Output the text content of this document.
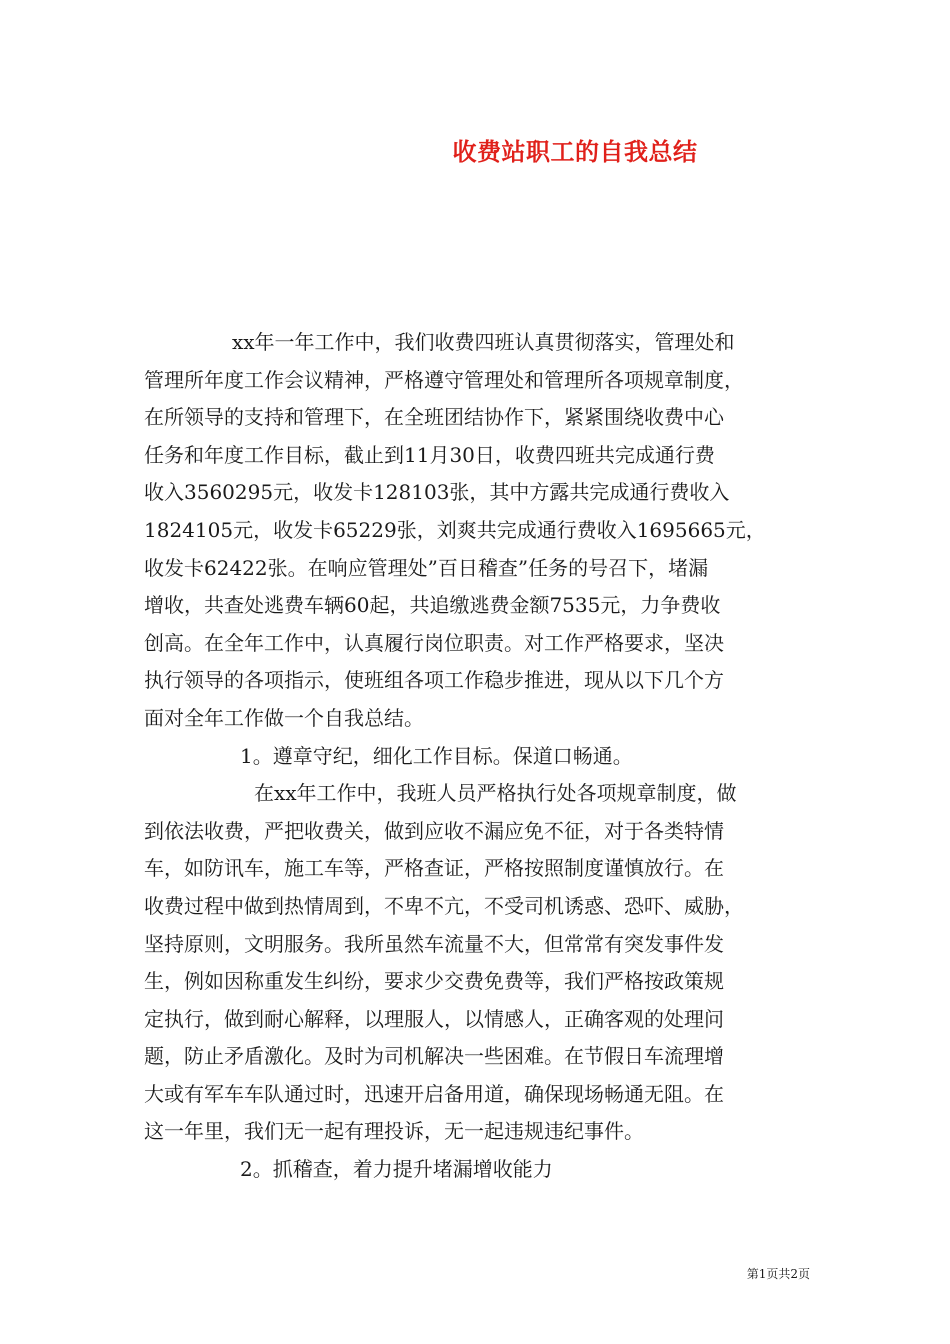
收费站职工的自我总结
xx年一年工作中，我们收费四班认真贯彻落实，管理处和
管理所年度工作会议精神，严格遵守管理处和管理所各项规章制度，
在所领导的支持和管理下，在全班团结协作下，紧紧围绕收费中心
任务和年度工作目标，截止到11月30日，收费四班共完成通行费
收入3560295元，收发卡128103张，其中方露共完成通行费收入
1824105元，收发卡65229张，刘爽共完成通行费收入1695665元，
收发卡62422张。在响应管理处”百日稽查”任务的号召下，堵漏
增收，共查处逃费车辆60起，共追缴逃费金额7535元，力争费收
创高。在全年工作中，认真履行岗位职责。对工作严格要求，坚决
执行领导的各项指示，使班组各项工作稳步推进，现从以下几个方
面对全年工作做一个自我总结。
1。遵章守纪，细化工作目标。保道口畅通。
在xx年工作中，我班人员严格执行处各项规章制度，做
到依法收费，严把收费关，做到应收不漏应免不征，对于各类特情
车，如防讯车，施工车等，严格查证，严格按照制度谨慎放行。在
收费过程中做到热情周到，不卑不亢，不受司机诱惑、恐吓、威胁，
坚持原则，文明服务。我所虽然车流量不大，但常常有突发事件发
生，例如因称重发生纠纷，要求少交费免费等，我们严格按政策规
定执行，做到耐心解释，以理服人，以情感人，正确客观的处理问
题，防止矛盾激化。及时为司机解决一些困难。在节假日车流理增
大或有军车车队通过时，迅速开启备用道，确保现场畅通无阻。在
这一年里，我们无一起有理投诉，无一起违规违纪事件。
2。抓稽查，着力提升堵漏增收能力
第1页共2页
